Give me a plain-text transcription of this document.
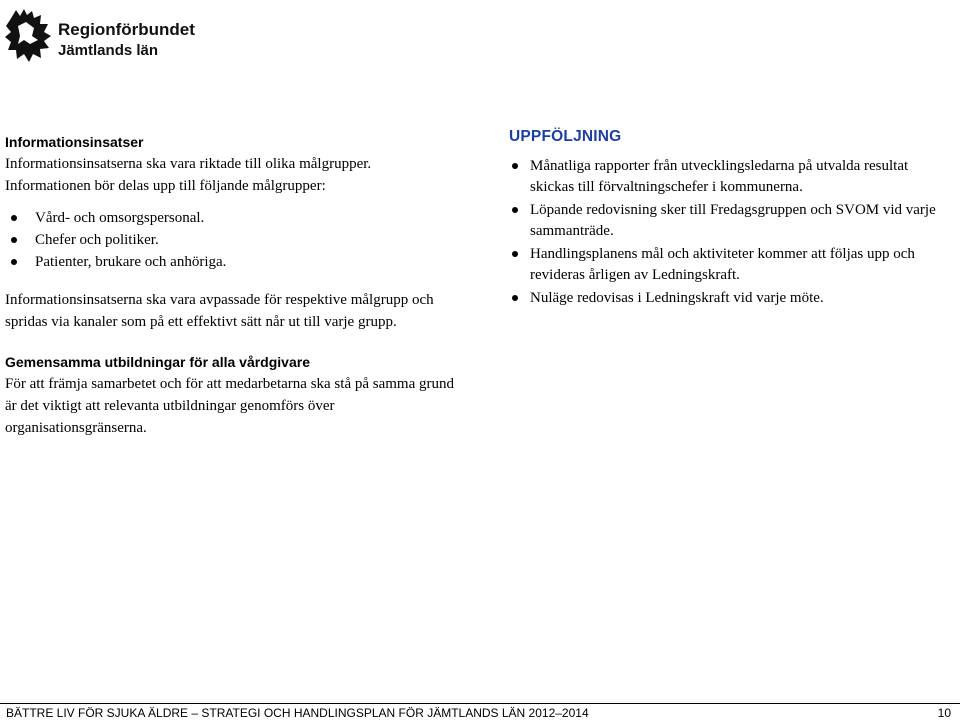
Regionförbundet
Jämtlands län
Informationsinsatser
Informationsinsatserna ska vara riktade till olika målgrupper.
Informationen bör delas upp till följande målgrupper:
Vård- och omsorgspersonal.
Chefer och politiker.
Patienter, brukare och anhöriga.
Informationsinsatserna ska vara avpassade för respektive målgrupp och spridas via kanaler som på ett effektivt sätt når ut till varje grupp.
UPPFÖLJNING
Månatliga rapporter från utvecklingsledarna på utvalda resultat skickas till förvaltningschefer i kommunerna.
Löpande redovisning sker till Fredagsgruppen och SVOM vid varje sammanträde.
Handlingsplanens mål och aktiviteter kommer att följas upp och revideras årligen av Ledningskraft.
Nuläge redovisas i Ledningskraft vid varje möte.
Gemensamma utbildningar för alla vårdgivare
För att främja samarbetet och för att medarbetarna ska stå på samma grund är det viktigt att relevanta utbildningar genomförs över organisationsgränserna.
BÄTTRE LIV FÖR SJUKA ÄLDRE – STRATEGI OCH HANDLINGSPLAN FÖR JÄMTLANDS LÄN 2012–2014	10
